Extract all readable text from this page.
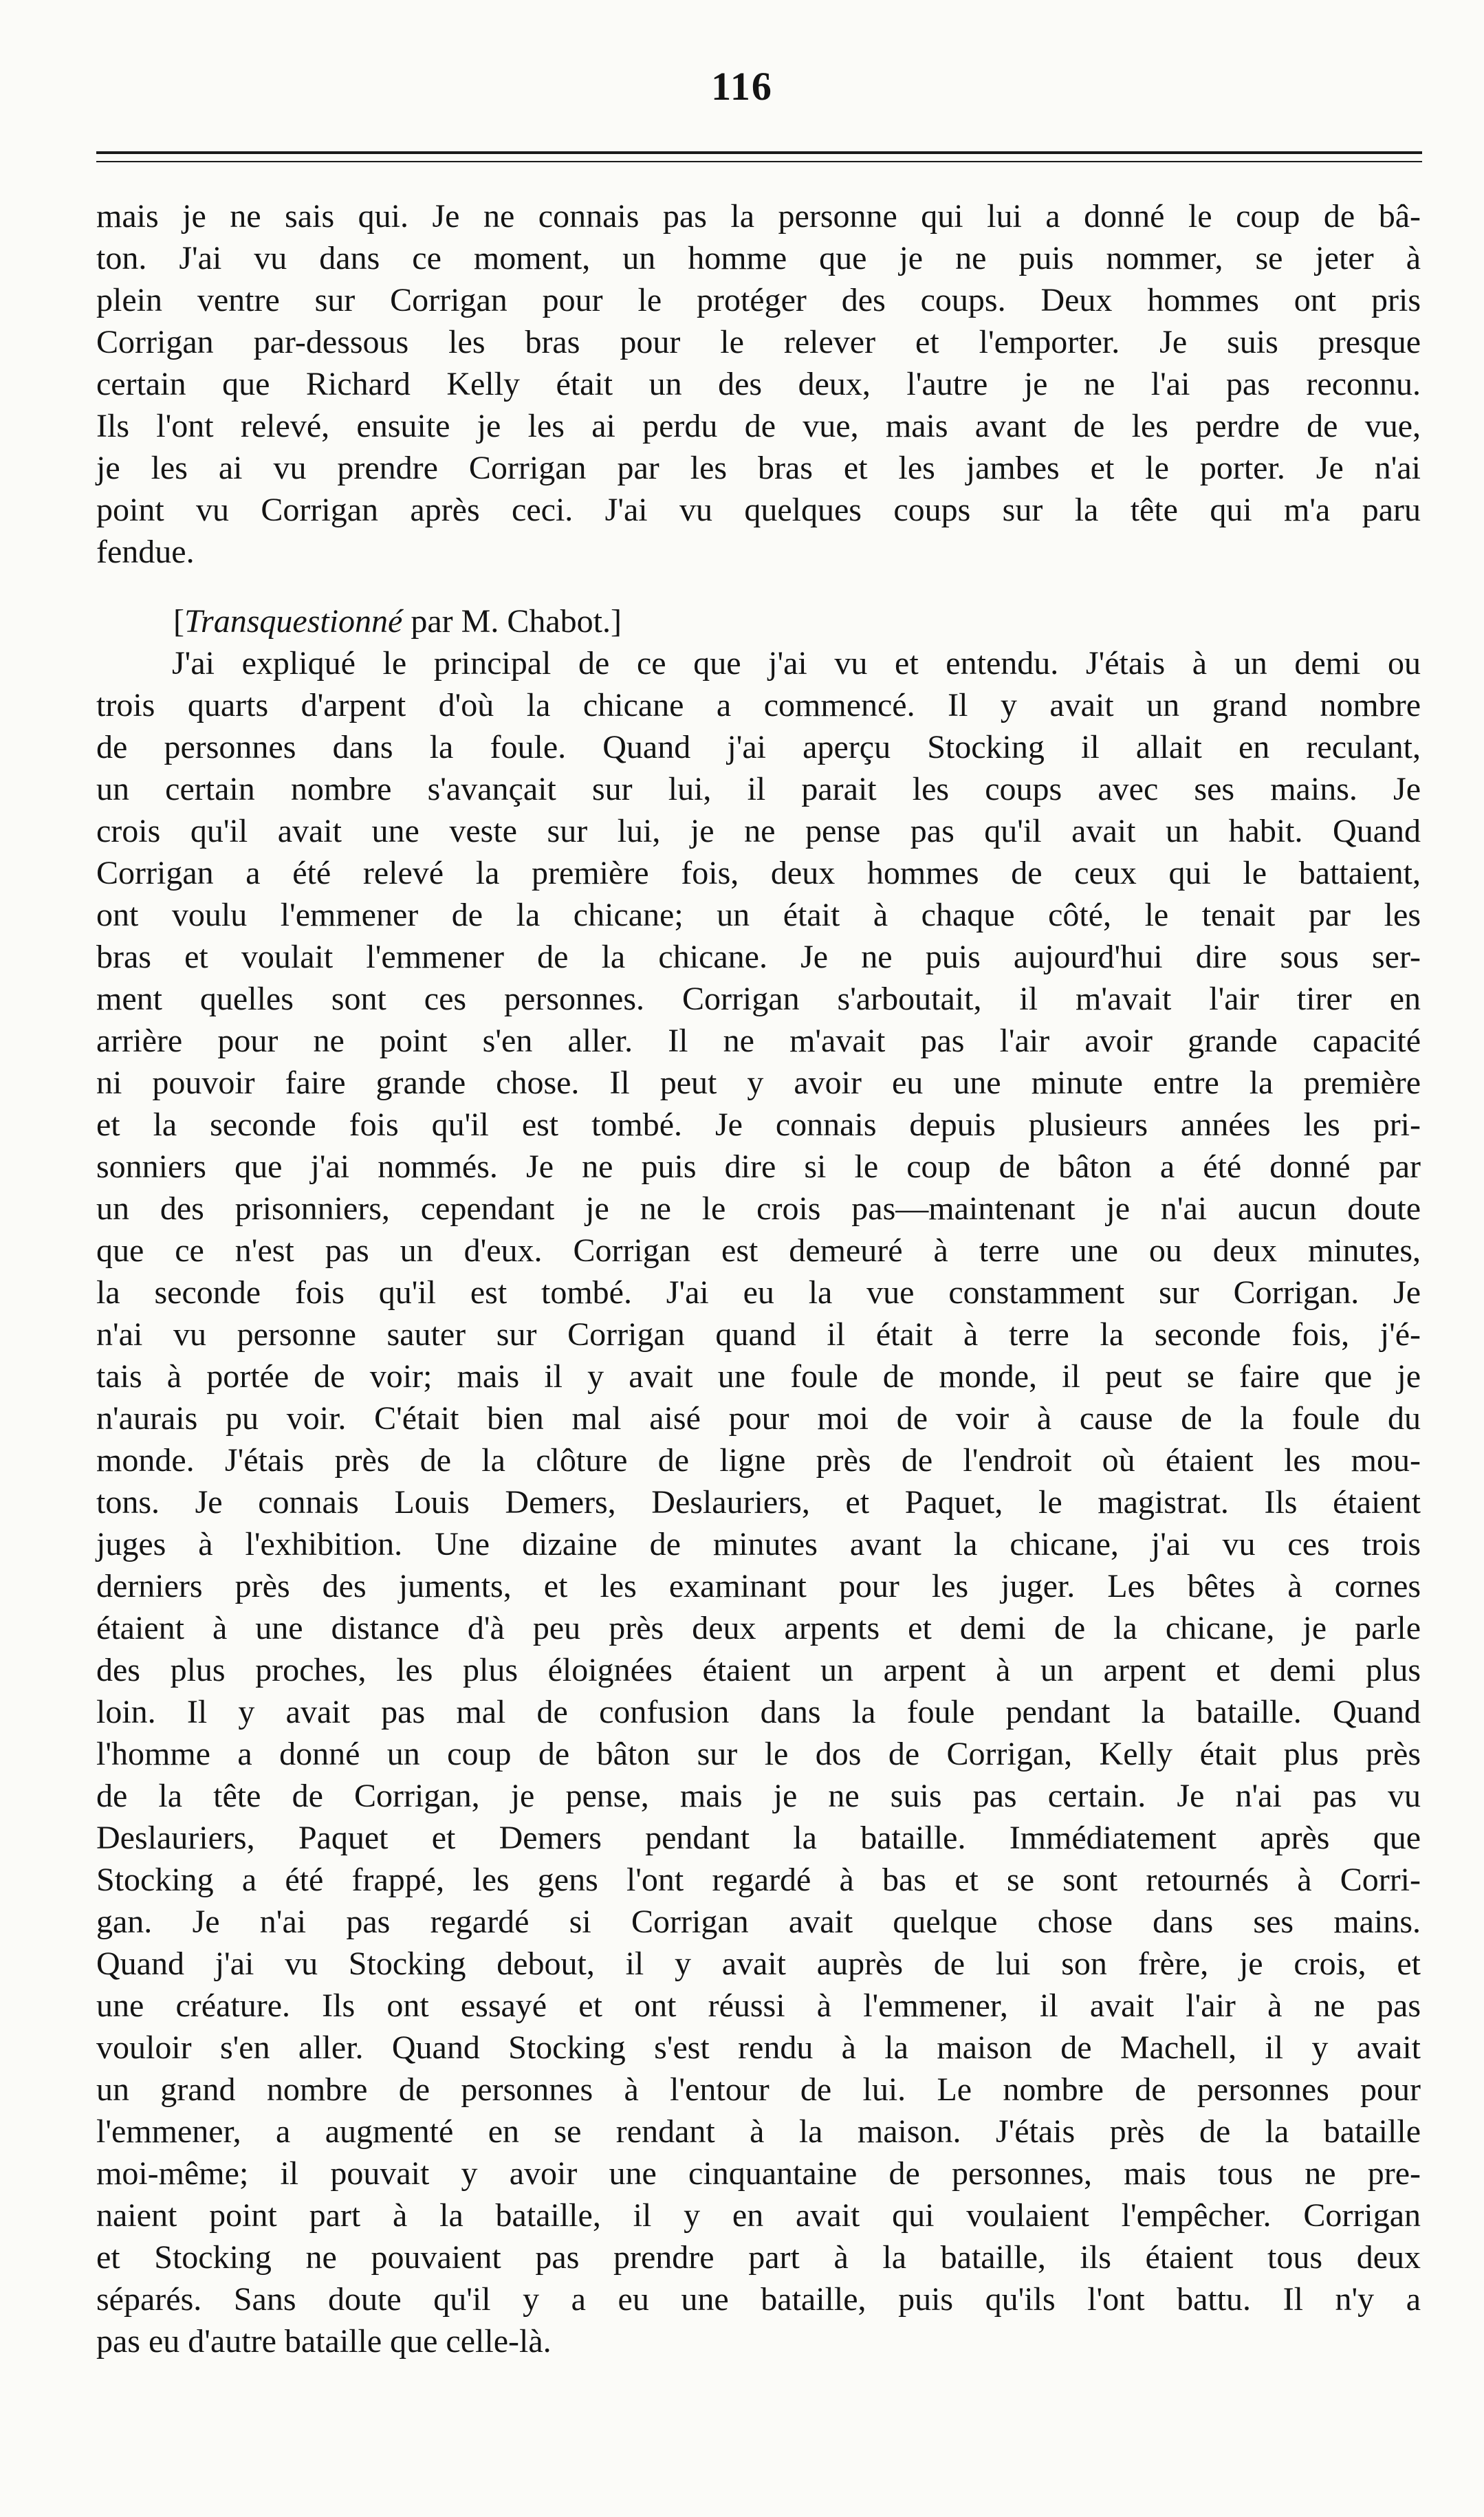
116
mais je ne sais qui. Je ne connais pas la personne qui lui a donné le coup de bâ-
ton. J'ai vu dans ce moment, un homme que je ne puis nommer, se jeter à
plein ventre sur Corrigan pour le protéger des coups. Deux hommes ont pris
Corrigan par-dessous les bras pour le relever et l'emporter. Je suis presque
certain que Richard Kelly était un des deux, l'autre je ne l'ai pas reconnu.
Ils l'ont relevé, ensuite je les ai perdu de vue, mais avant de les perdre de vue,
je les ai vu prendre Corrigan par les bras et les jambes et le porter. Je n'ai
point vu Corrigan après ceci. J'ai vu quelques coups sur la tête qui m'a paru
fendue.
[Transquestionné par M. Chabot.]
J'ai expliqué le principal de ce que j'ai vu et entendu. J'étais à un demi ou
trois quarts d'arpent d'où la chicane a commencé. Il y avait un grand nombre
de personnes dans la foule. Quand j'ai aperçu Stocking il allait en reculant,
un certain nombre s'avançait sur lui, il parait les coups avec ses mains. Je
crois qu'il avait une veste sur lui, je ne pense pas qu'il avait un habit. Quand
Corrigan a été relevé la première fois, deux hommes de ceux qui le battaient,
ont voulu l'emmener de la chicane; un était à chaque côté, le tenait par les
bras et voulait l'emmener de la chicane. Je ne puis aujourd'hui dire sous ser-
ment quelles sont ces personnes. Corrigan s'arboutait, il m'avait l'air tirer en
arrière pour ne point s'en aller. Il ne m'avait pas l'air avoir grande capacité
ni pouvoir faire grande chose. Il peut y avoir eu une minute entre la première
et la seconde fois qu'il est tombé. Je connais depuis plusieurs années les pri-
sonniers que j'ai nommés. Je ne puis dire si le coup de bâton a été donné par
un des prisonniers, cependant je ne le crois pas—maintenant je n'ai aucun doute
que ce n'est pas un d'eux. Corrigan est demeuré à terre une ou deux minutes,
la seconde fois qu'il est tombé. J'ai eu la vue constamment sur Corrigan. Je
n'ai vu personne sauter sur Corrigan quand il était à terre la seconde fois, j'é-
tais à portée de voir; mais il y avait une foule de monde, il peut se faire que je
n'aurais pu voir. C'était bien mal aisé pour moi de voir à cause de la foule du
monde. J'étais près de la clôture de ligne près de l'endroit où étaient les mou-
tons. Je connais Louis Demers, Deslauriers, et Paquet, le magistrat. Ils étaient
juges à l'exhibition. Une dizaine de minutes avant la chicane, j'ai vu ces trois
derniers près des juments, et les examinant pour les juger. Les bêtes à cornes
étaient à une distance d'à peu près deux arpents et demi de la chicane, je parle
des plus proches, les plus éloignées étaient un arpent à un arpent et demi plus
loin. Il y avait pas mal de confusion dans la foule pendant la bataille. Quand
l'homme a donné un coup de bâton sur le dos de Corrigan, Kelly était plus près
de la tête de Corrigan, je pense, mais je ne suis pas certain. Je n'ai pas vu
Deslauriers, Paquet et Demers pendant la bataille. Immédiatement après que
Stocking a été frappé, les gens l'ont regardé à bas et se sont retournés à Corri-
gan. Je n'ai pas regardé si Corrigan avait quelque chose dans ses mains.
Quand j'ai vu Stocking debout, il y avait auprès de lui son frère, je crois, et
une créature. Ils ont essayé et ont réussi à l'emmener, il avait l'air à ne pas
vouloir s'en aller. Quand Stocking s'est rendu à la maison de Machell, il y avait
un grand nombre de personnes à l'entour de lui. Le nombre de personnes pour
l'emmener, a augmenté en se rendant à la maison. J'étais près de la bataille
moi-même; il pouvait y avoir une cinquantaine de personnes, mais tous ne pre-
naient point part à la bataille, il y en avait qui voulaient l'empêcher. Corrigan
et Stocking ne pouvaient pas prendre part à la bataille, ils étaient tous deux
séparés. Sans doute qu'il y a eu une bataille, puis qu'ils l'ont battu. Il n'y a
pas eu d'autre bataille que celle-là.
